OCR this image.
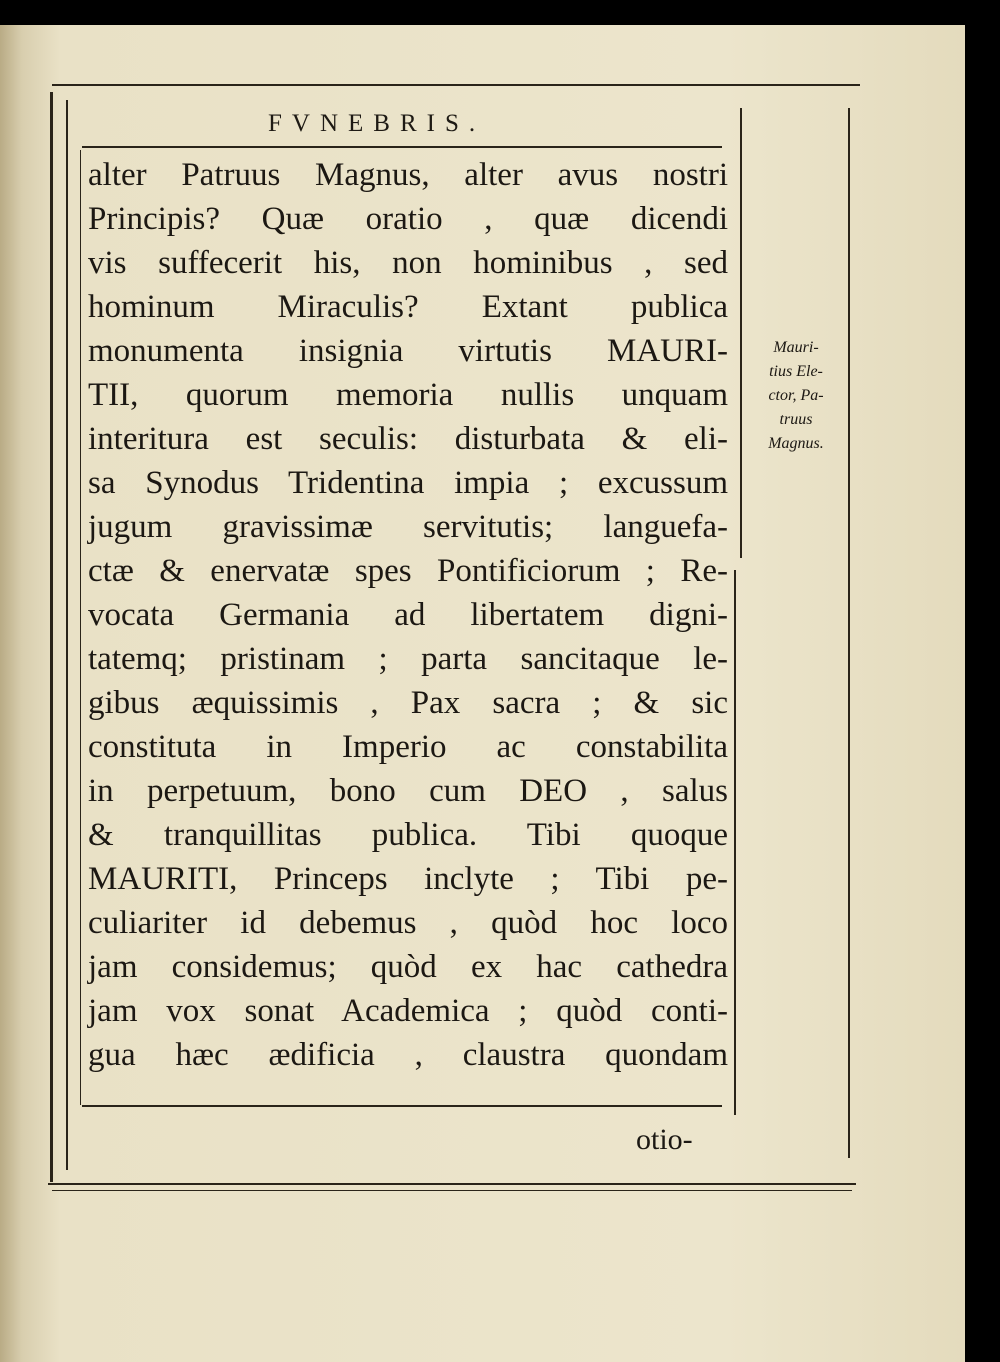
FVNEBRIS.
alter Patruus Magnus, alter avus nostri
Principis? Quæ oratio , quæ dicendi
vis suffecerit his, non hominibus , sed
hominum Miraculis? Extant publica
monumenta insignia virtutis MAURI-
TII, quorum memoria nullis unquam
interitura est seculis: disturbata & eli-
sa Synodus Tridentina impia ; excussum
jugum gravissimæ servitutis; languefa-
ctæ & enervatæ spes Pontificiorum ; Re-
vocata Germania ad libertatem digni-
tatemq; pristinam ; parta sancitaque le-
gibus æquissimis , Pax sacra ; & sic
constituta in Imperio ac constabilita
in perpetuum, bono cum DEO , salus
& tranquillitas publica. Tibi quoque
MAURITI, Princeps inclyte ; Tibi pe-
culiariter id debemus , quòd hoc loco
jam considemus; quòd ex hac cathedra
jam vox sonat Academica ; quòd conti-
gua hæc ædificia , claustra quondam
Mauri-
tius Ele-
ctor, Pa-
truus
Magnus.
otio-
